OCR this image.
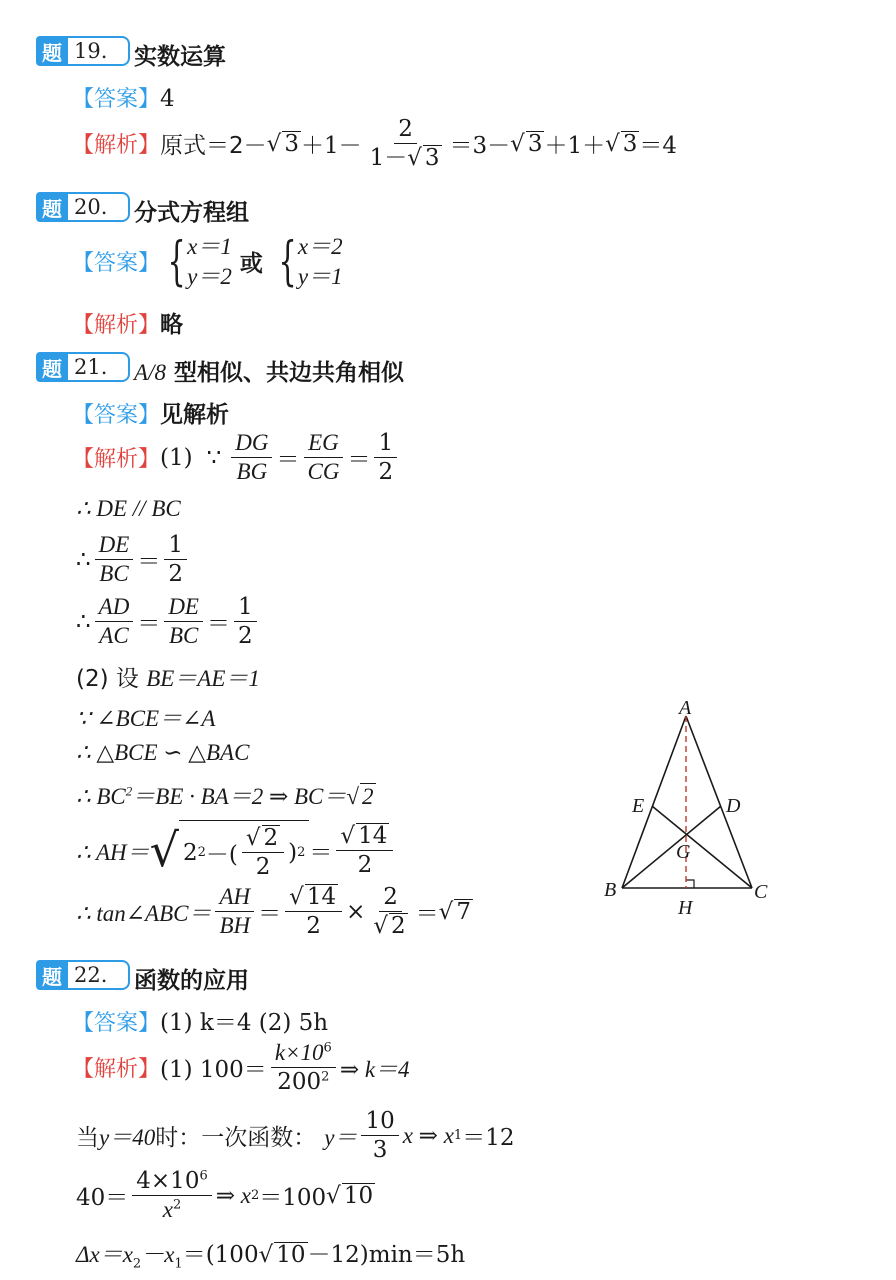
题 19.	实数运算
【答案】4
【解析】 原式＝2－ √ $3 +1- \frac{2}{1-√ 3} =3-$ √ 3 ＋1＋ √ 3 ＝4
题 20.	分式方程组
【答案】 { x＝1
y＝2 或 { x＝2
y＝1
【解析】略
题 21.	A/8 型相似、共边共角相似
【答案】见解析
【解析】 (1) ∵ $\frac{DG}{BG} = \frac{EG}{CG} = \frac{1}{2}$
∴ DE // BC
∴ $\frac{DE}{BC} = \frac{1}{2}$
∴ $\frac{AD}{AC} = \frac{DE}{BC} = \frac{1}{2}$
(2) 设 BE＝AE＝1
∵ ∠BCE＝∠A
∴ △BCE ∽ △BAC
∴ $BC^2=BE \cdot BA=2$ ⇒ BC＝√ 2
∴ AH＝ √ 2 2 －( $\frac{√ 2}{2}$ ) $2 = \frac{√ 14}{2}$
∴ tan∠ABC＝ $\frac{AH}{BH} = \frac{√ 14}{2} \times \frac{2}{√ 2}$ ＝ √ 7
A
B	C
D
E
G
H
题 22.	函数的应用
【答案】(1) k＝4 (2) 5h
【解析】 (1) $100= \frac{k\times 10^6}{200^2}$ ⇒ k＝4
当 y＝40 时：一次函数： $y= \frac{10}{3}$ x ⇒ x 1 ＝12
$40= \frac{4\times 10^6}{x^2}$ ⇒ x 2 ＝100 √ 10
$\Delta x=x_2-x_1=(100√$ 10－12)min＝5h
